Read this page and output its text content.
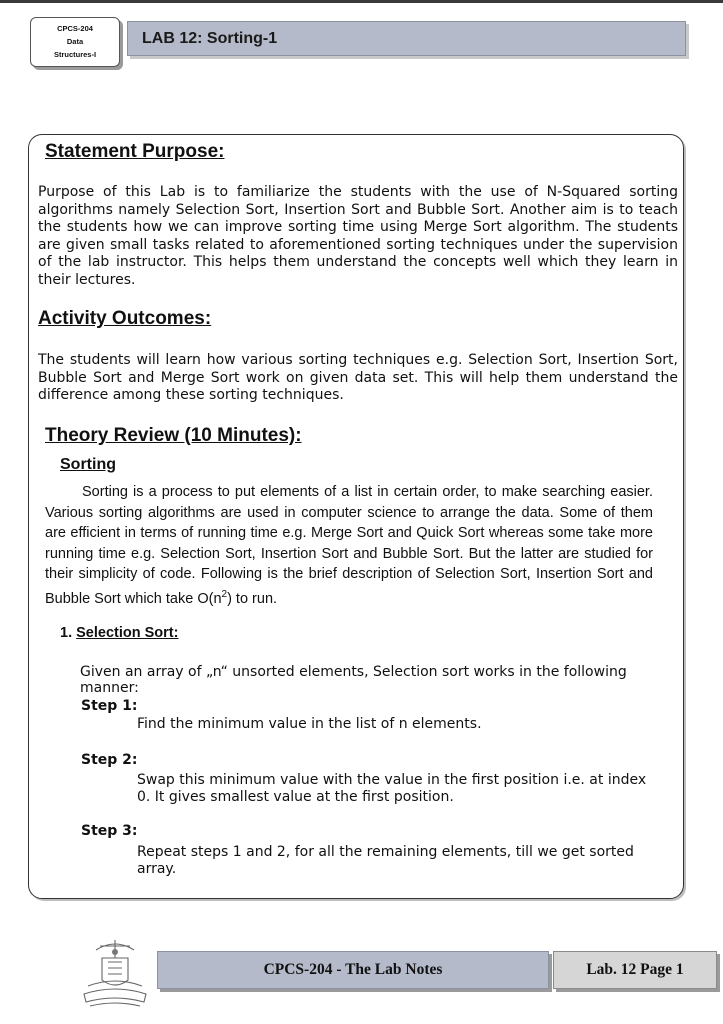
CPCS-204
Data
Structures-I
LAB 12: Sorting-1
Statement Purpose:
Purpose of this Lab is to familiarize the students with the use of N-Squared sorting algorithms namely Selection Sort, Insertion Sort and Bubble Sort. Another aim is to teach the students how we can improve sorting time using Merge Sort algorithm. The students are given small tasks related to aforementioned sorting techniques under the supervision of the lab instructor. This helps them understand the concepts well which they learn in their lectures.
Activity Outcomes:
The students will learn how various sorting techniques e.g. Selection Sort, Insertion Sort, Bubble Sort and Merge Sort work on given data set. This will help them understand the difference among these sorting techniques.
Theory Review (10 Minutes):
Sorting
Sorting is a process to put elements of a list in certain order, to make searching easier. Various sorting algorithms are used in computer science to arrange the data. Some of them are efficient in terms of running time e.g. Merge Sort and Quick Sort whereas some take more running time e.g. Selection Sort, Insertion Sort and Bubble Sort. But the latter are studied for their simplicity of code. Following is the brief description of Selection Sort, Insertion Sort and Bubble Sort which take $O(n^2)$ to run.
1. Selection Sort:
Given an array of „n“ unsorted elements, Selection sort works in the following manner:
Step 1:
Find the minimum value in the list of n elements.
Step 2:
Swap this minimum value with the value in the first position i.e. at index 0. It gives smallest value at the first position.
Step 3:
Repeat steps 1 and 2, for all the remaining elements, till we get sorted array.
CPCS-204 - The Lab Notes	Lab. 12 Page 1
